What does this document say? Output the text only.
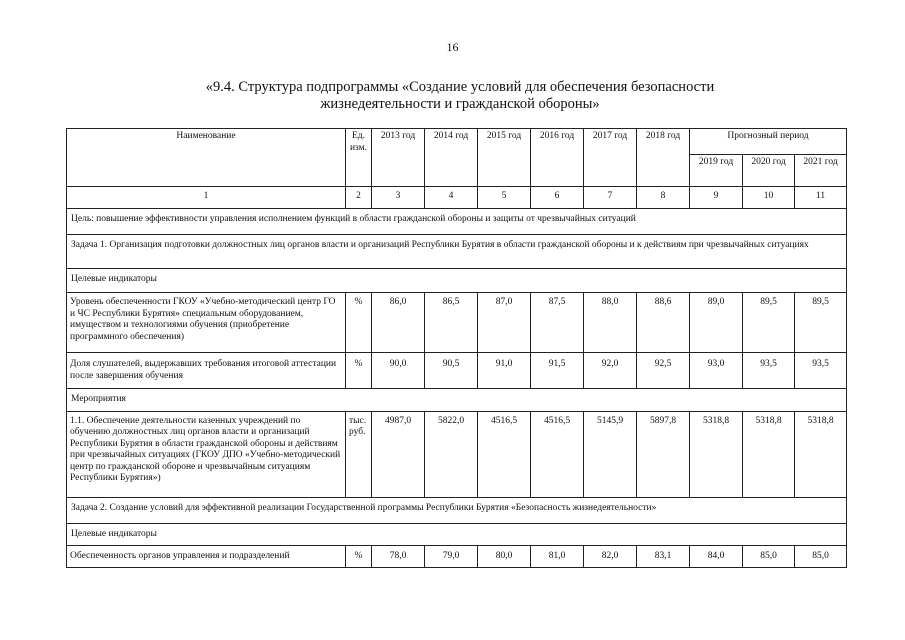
16
«9.4. Структура подпрограммы «Создание условий для обеспечения безопасности
жизнедеятельности и гражданской обороны»
Наименование	Ед. изм.	2013 год	2014 год	2015 год	2016 год	2017 год	2018 год	Прогнозный период		
								2019 год	2020 год	2021 год
1	2	3	4	5	6	7	8	9	10	11
Цель: повышение эффективности управления исполнением функций в области гражданской обороны и защиты от чрезвычайных ситуаций										
Задача 1. Организация подготовки должностных лиц органов власти и организаций Республики Бурятия в области гражданской обороны и к действиям при чрезвычайных ситуациях										
Целевые индикаторы										
Уровень обеспеченности ГКОУ «Учебно-методический центр ГО и ЧС Республики Бурятия» специальным оборудованием, имуществом и технологиями обучения (приобретение программного обеспечения)	%	86,0	86,5	87,0	87,5	88,0	88,6	89,0	89,5	89,5
Доля слушателей, выдержавших требования итоговой аттестации после завершения обучения	%	90,0	90,5	91,0	91,5	92,0	92,5	93,0	93,5	93,5
Мероприятия										
1.1. Обеспечение деятельности казенных учреждений по обучению должностных лиц органов власти и организаций Республики Бурятия в области гражданской обороны и действиям при чрезвычайных ситуациях (ГКОУ ДПО «Учебно-методический центр по гражданской обороне и чрезвычайным ситуациям Республики Бурятия»)	тыс. руб.	4987,0	5822,0	4516,5	4516,5	5145,9	5897,8	5318,8	5318,8	5318,8
Задача 2. Создание условий для эффективной реализации Государственной программы Республики Бурятия «Безопасность жизнедеятельности»										
Целевые индикаторы										
Обеспеченность органов управления и подразделений	%	78,0	79,0	80,0	81,0	82,0	83,1	84,0	85,0	85,0
